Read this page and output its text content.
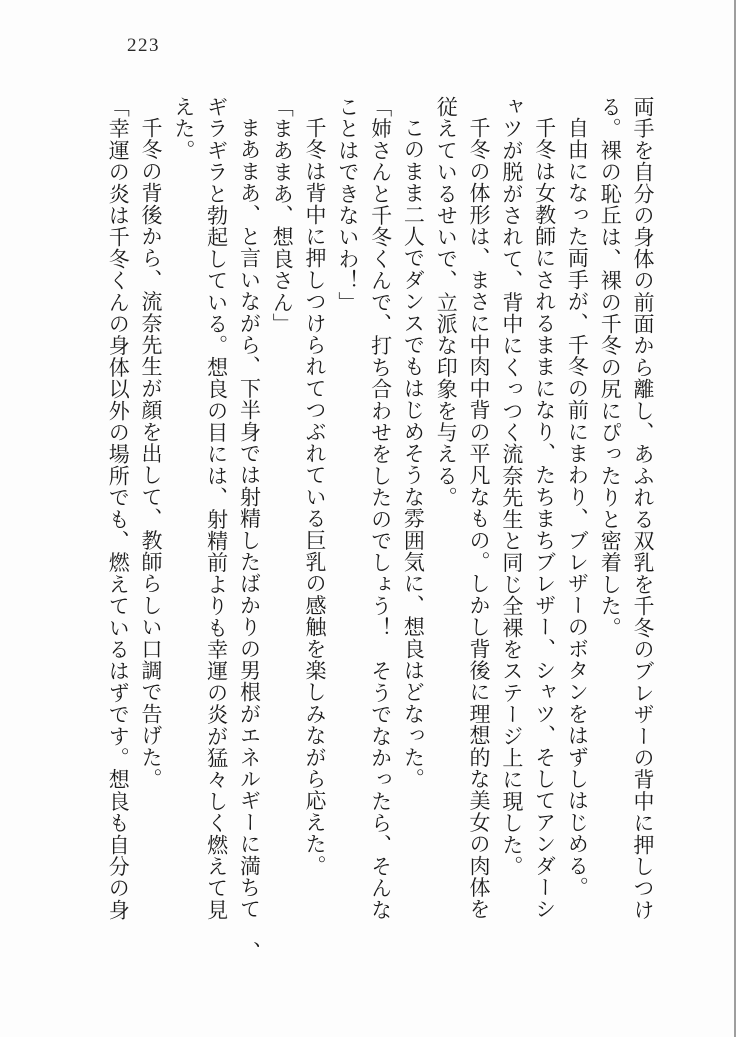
223

両手を自分の身体の前面から離し、あふれる双乳を千冬のブレザーの背中に押しつける。裸の恥丘は、裸の千冬の尻にぴったりと密着した。

自由になった両手が、千冬の前にまわり、ブレザーのボタンをはずしはじめる。

千冬は女教師にされるままになり、たちまちブレザー、シャツ、そしてアンダーシャツが脱がされて、背中にくっつく流奈先生と同じ全裸をステージ上に現した。

千冬の体形は、まさに中肉中背の平凡なもの。しかし背後に理想的な美女の肉体を従えているせいで、立派な印象を与える。

このまま二人でダンスでもはじめそうな雰囲気に、想良はどなった。

「姉さんと千冬くんで、打ち合わせをしたのでしょう！　そうでなかったら、そんなことはできないわ！」

千冬は背中に押しつけられてつぶれている巨乳の感触を楽しみながら応えた。

「まあまあ、想良さん」

まあまあ、と言いながら、下半身では射精したばかりの男根がエネルギーに満ちて、ギラギラと勃起している。想良の目には、射精前よりも幸運の炎が猛々しく燃えて見えた。

千冬の背後から、流奈先生が顔を出して、教師らしい口調で告げた。

「幸運の炎は千冬くんの身体以外の場所でも、燃えているはずです。想良も自分の身
